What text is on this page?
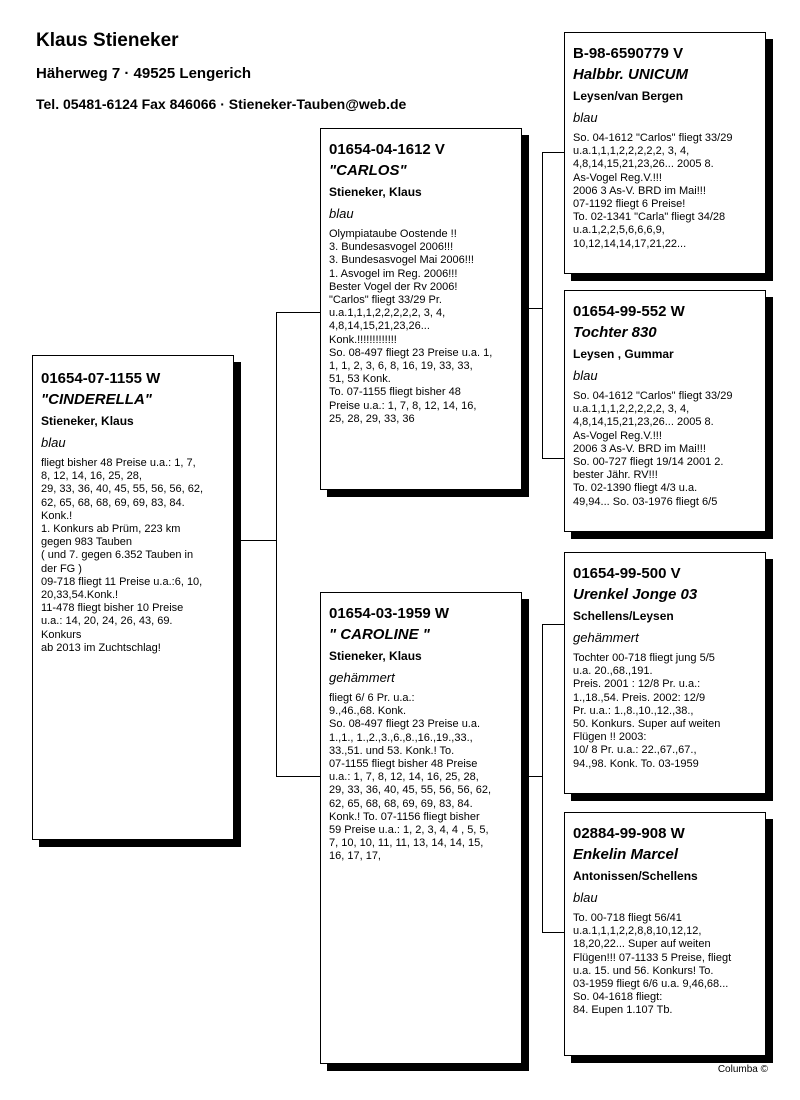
Klaus Stieneker
Häherweg 7 · 49525 Lengerich
Tel. 05481-6124 Fax 846066 · Stieneker-Tauben@web.de
01654-07-1155 W
"CINDERELLA"
Stieneker, Klaus
blau
fliegt bisher 48 Preise u.a.: 1, 7,
8, 12, 14, 16, 25, 28,
29, 33, 36, 40, 45, 55, 56, 56, 62,
62, 65, 68, 68, 69, 69, 83, 84.
Konk.!
1. Konkurs ab Prüm, 223 km
gegen 983 Tauben
( und 7. gegen 6.352 Tauben in
der FG )
09-718 fliegt 11 Preise u.a.:6, 10,
20,33,54.Konk.!
11-478 fliegt bisher 10 Preise
u.a.: 14, 20, 24, 26, 43, 69.
Konkurs
ab 2013 im Zuchtschlag!
01654-04-1612 V
"CARLOS"
Stieneker, Klaus
blau
Olympiataube Oostende !!
3. Bundesasvogel 2006!!!
3. Bundesasvogel Mai 2006!!!
1. Asvogel im Reg. 2006!!!
Bester Vogel der Rv 2006!
"Carlos" fliegt 33/29 Pr.
u.a.1,1,1,2,2,2,2,2, 3, 4,
4,8,14,15,21,23,26...
Konk.!!!!!!!!!!!!!
So. 08-497 fliegt 23 Preise u.a. 1,
1, 1, 2, 3, 6, 8, 16, 19, 33, 33,
51, 53 Konk.
To. 07-1155 fliegt bisher 48
Preise u.a.: 1, 7, 8, 12, 14, 16,
25, 28, 29, 33, 36
01654-03-1959 W
" CAROLINE "
Stieneker, Klaus
gehämmert
fliegt 6/ 6 Pr. u.a.:
9.,46.,68. Konk.
So. 08-497 fliegt 23 Preise u.a.
1.,1., 1.,2.,3.,6.,8.,16.,19.,33.,
33.,51. und 53. Konk.! To.
07-1155 fliegt bisher 48 Preise
u.a.: 1, 7, 8, 12, 14, 16, 25, 28,
29, 33, 36, 40, 45, 55, 56, 56, 62,
62, 65, 68, 68, 69, 69, 83, 84.
Konk.! To. 07-1156 fliegt bisher
59 Preise u.a.: 1, 2, 3, 4, 4 , 5, 5,
7, 10, 10, 11, 11, 13, 14, 14, 15,
16, 17, 17,
B-98-6590779 V
Halbbr. UNICUM
Leysen/van Bergen
blau
So. 04-1612 "Carlos" fliegt 33/29
u.a.1,1,1,2,2,2,2,2, 3, 4,
4,8,14,15,21,23,26... 2005 8.
As-Vogel Reg.V.!!!
2006 3 As-V. BRD im Mai!!!
07-1192 fliegt 6 Preise!
To. 02-1341 "Carla" fliegt 34/28
u.a.1,2,2,5,6,6,6,9,
10,12,14,14,17,21,22...
01654-99-552 W
Tochter 830
Leysen , Gummar
blau
So. 04-1612 "Carlos" fliegt 33/29
u.a.1,1,1,2,2,2,2,2, 3, 4,
4,8,14,15,21,23,26... 2005 8.
As-Vogel Reg.V.!!!
2006 3 As-V. BRD im Mai!!!
So. 00-727 fliegt 19/14 2001 2.
bester Jähr. RV!!!
To. 02-1390 fliegt 4/3 u.a.
49,94... So. 03-1976 fliegt 6/5
01654-99-500 V
Urenkel Jonge 03
Schellens/Leysen
gehämmert
Tochter 00-718 fliegt jung 5/5
u.a. 20.,68.,191.
Preis. 2001 : 12/8 Pr. u.a.:
1.,18.,54. Preis. 2002: 12/9
Pr. u.a.: 1.,8.,10.,12.,38.,
50. Konkurs. Super auf weiten
Flügen !! 2003:
10/ 8 Pr. u.a.: 22.,67.,67.,
94.,98. Konk. To. 03-1959
02884-99-908 W
Enkelin Marcel
Antonissen/Schellens
blau
To. 00-718 fliegt 56/41
u.a.1,1,1,2,2,8,8,10,12,12,
18,20,22... Super auf weiten
Flügen!!! 07-1133 5 Preise, fliegt
u.a. 15. und 56. Konkurs! To.
03-1959 fliegt 6/6 u.a. 9,46,68...
So. 04-1618 fliegt:
84. Eupen 1.107 Tb.
Columba ©
